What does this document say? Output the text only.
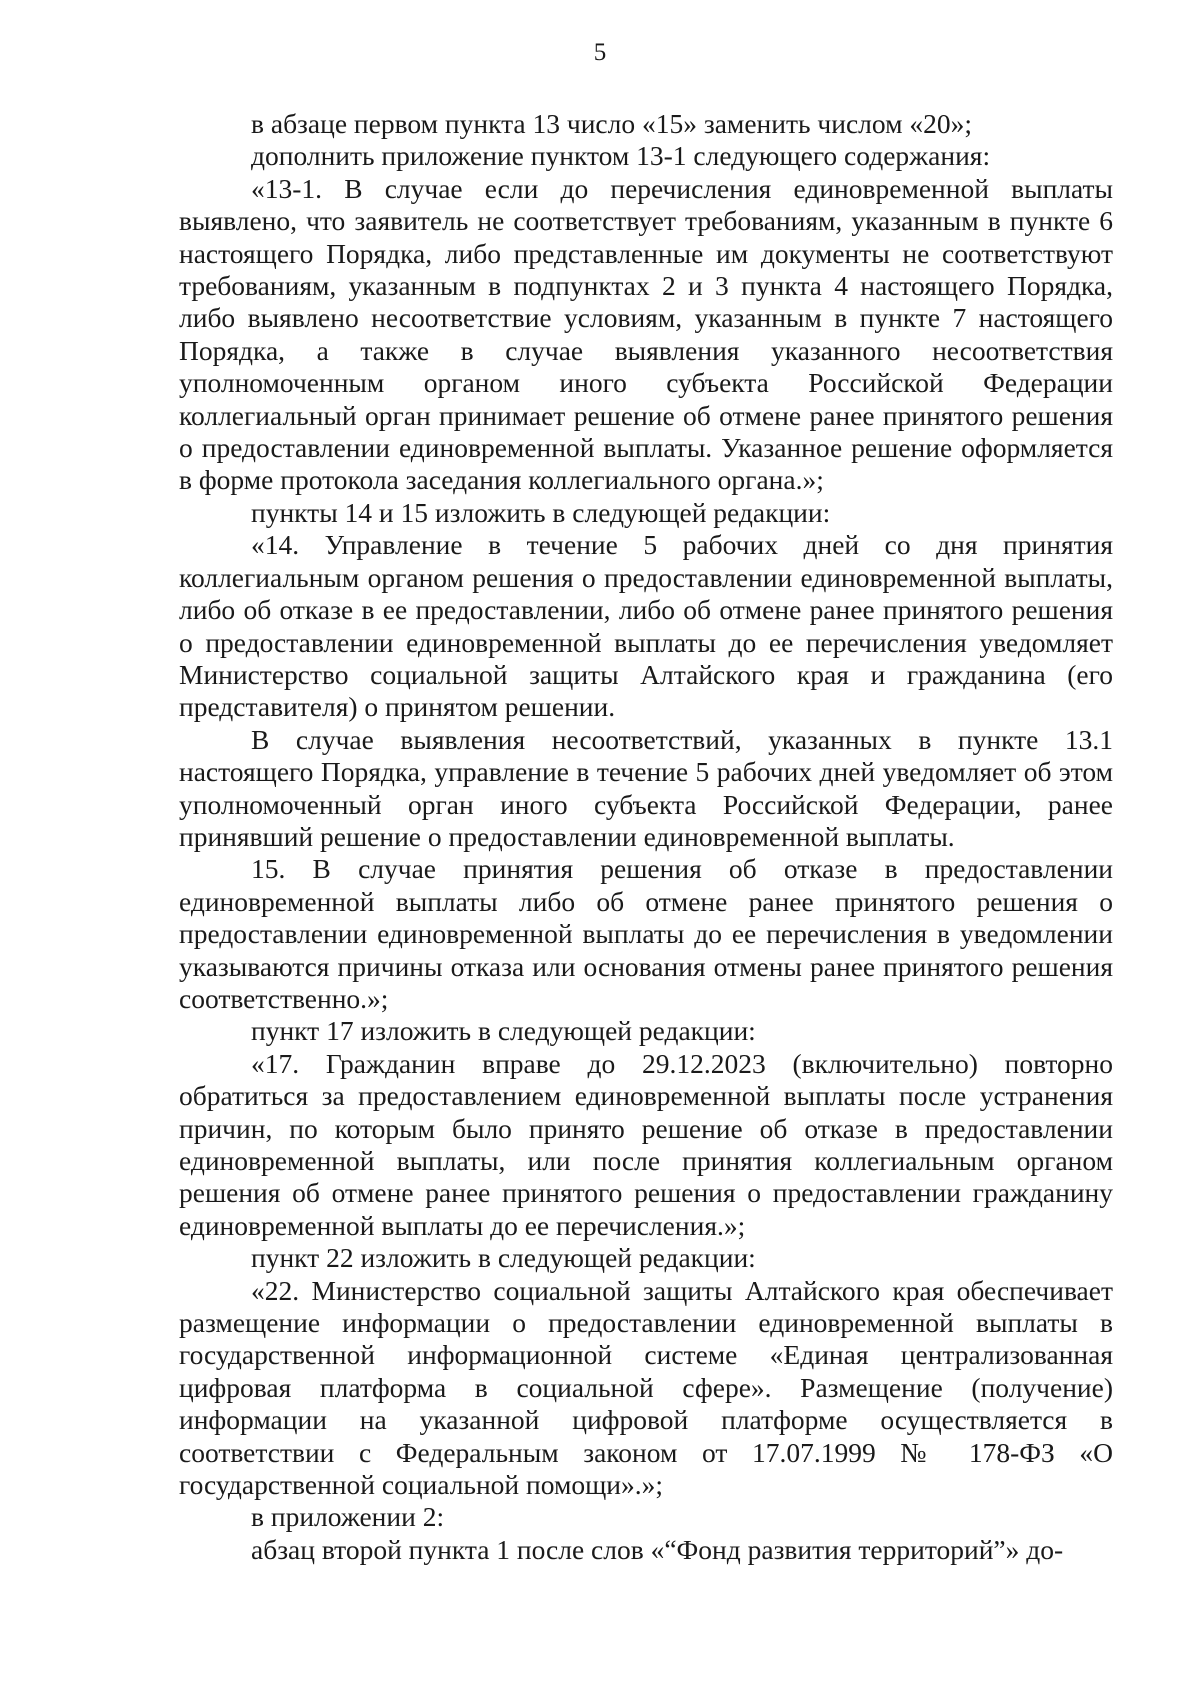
5

в абзаце первом пункта 13 число «15» заменить числом «20»;

дополнить приложение пунктом 13-1 следующего содержания:

«13-1. В случае если до перечисления единовременной выплаты выявлено, что заявитель не соответствует требованиям, указанным в пункте 6 настоящего Порядка, либо представленные им документы не соответствуют требованиям, указанным в подпунктах 2 и 3 пункта 4 настоящего Порядка, либо выявлено несоответствие условиям, указанным в пункте 7 настоящего Порядка, а также в случае выявления указанного несоответствия уполномоченным органом иного субъекта Российской Федерации коллегиальный орган принимает решение об отмене ранее принятого решения о предоставлении единовременной выплаты. Указанное решение оформляется в форме протокола заседания коллегиального органа.»;

пункты 14 и 15 изложить в следующей редакции:

«14. Управление в течение 5 рабочих дней со дня принятия коллегиальным органом решения о предоставлении единовременной выплаты, либо об отказе в ее предоставлении, либо об отмене ранее принятого решения о предоставлении единовременной выплаты до ее перечисления уведомляет Министерство социальной защиты Алтайского края и гражданина (его представителя) о принятом решении.

В случае выявления несоответствий, указанных в пункте 13.1 настоящего Порядка, управление в течение 5 рабочих дней уведомляет об этом уполномоченный орган иного субъекта Российской Федерации, ранее принявший решение о предоставлении единовременной выплаты.

15. В случае принятия решения об отказе в предоставлении единовременной выплаты либо об отмене ранее принятого решения о предоставлении единовременной выплаты до ее перечисления в уведомлении указываются причины отказа или основания отмены ранее принятого решения соответственно.»;

пункт 17 изложить в следующей редакции:

«17. Гражданин вправе до 29.12.2023 (включительно) повторно обратиться за предоставлением единовременной выплаты после устранения причин, по которым было принято решение об отказе в предоставлении единовременной выплаты, или после принятия коллегиальным органом решения об отмене ранее принятого решения о предоставлении гражданину единовременной выплаты до ее перечисления.»;

пункт 22 изложить в следующей редакции:

«22. Министерство социальной защиты Алтайского края обеспечивает размещение информации о предоставлении единовременной выплаты в государственной информационной системе «Единая централизованная цифровая платформа в социальной сфере». Размещение (получение) информации на указанной цифровой платформе осуществляется в соответствии с Федеральным законом от 17.07.1999 № 178-ФЗ «О государственной социальной помощи».»;

в приложении 2:

абзац второй пункта 1 после слов «“Фонд развития территорий”» до-
